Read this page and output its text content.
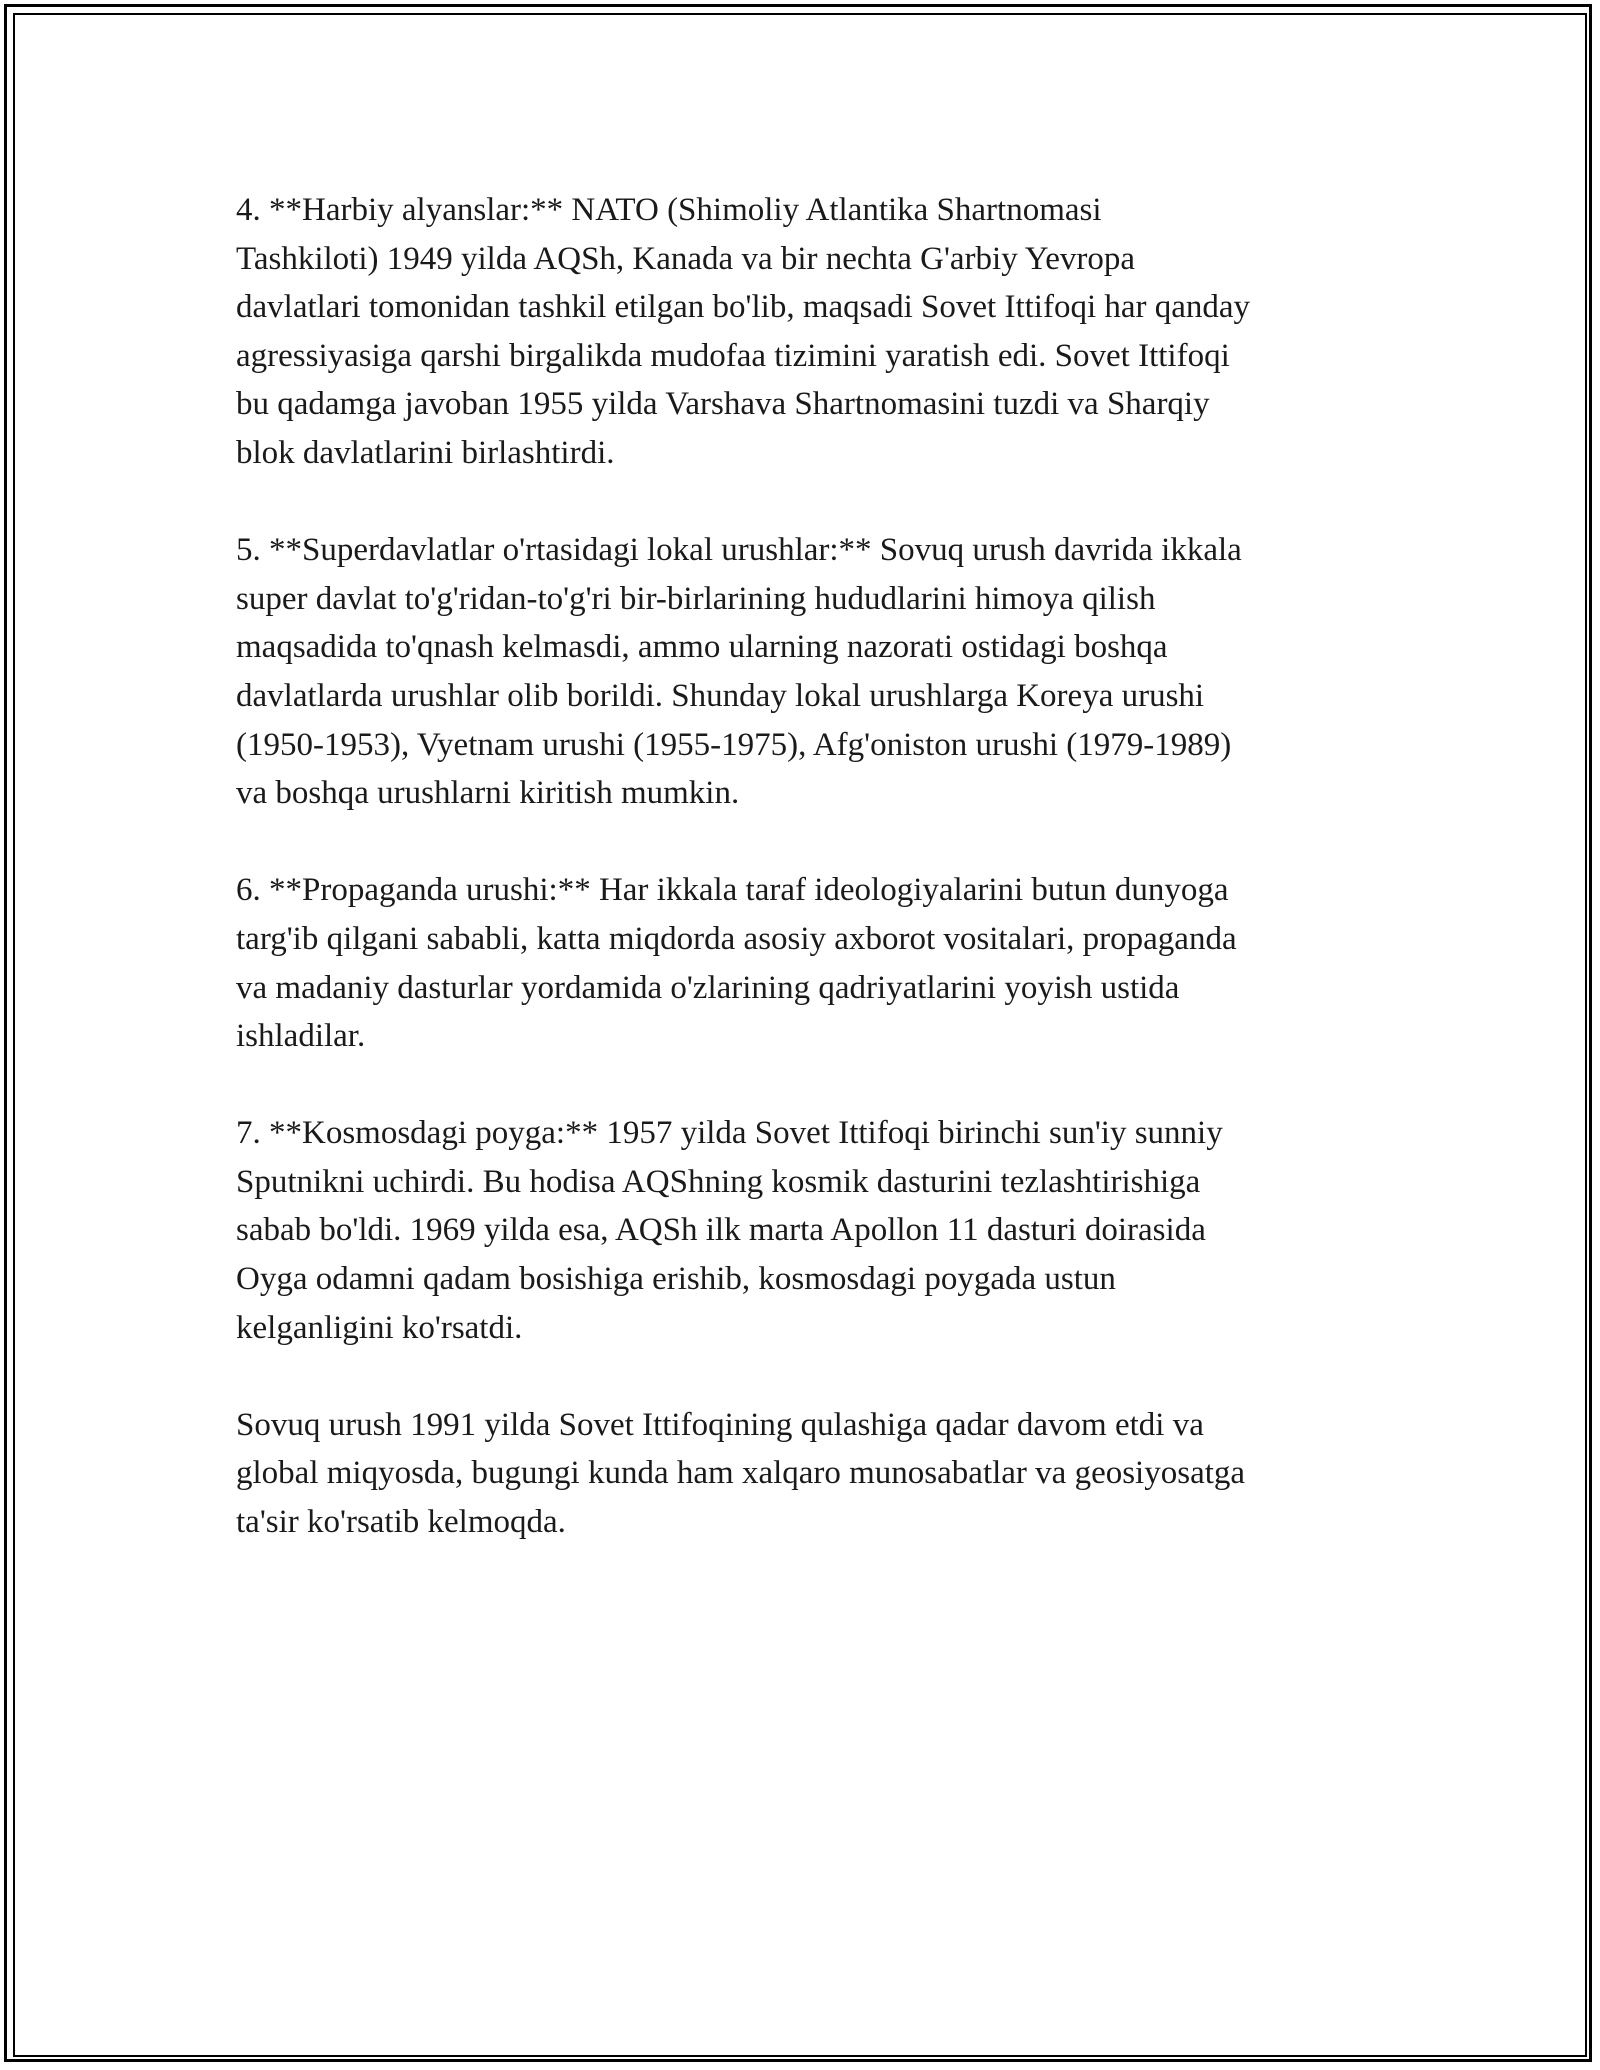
4. **Harbiy alyanslar:** NATO (Shimoliy Atlantika Shartnomasi
Tashkiloti) 1949 yilda AQSh, Kanada va bir nechta G'arbiy Yevropa
davlatlari tomonidan tashkil etilgan bo'lib, maqsadi Sovet Ittifoqi har qanday
agressiyasiga qarshi birgalikda mudofaa tizimini yaratish edi. Sovet Ittifoqi
bu qadamga javoban 1955 yilda Varshava Shartnomasini tuzdi va Sharqiy
blok davlatlarini birlashtirdi.

5. **Superdavlatlar o'rtasidagi lokal urushlar:** Sovuq urush davrida ikkala
super davlat to'g'ridan-to'g'ri bir-birlarining hududlarini himoya qilish
maqsadida to'qnash kelmasdi, ammo ularning nazorati ostidagi boshqa
davlatlarda urushlar olib borildi. Shunday lokal urushlarga Koreya urushi
(1950-1953), Vyetnam urushi (1955-1975), Afg'oniston urushi (1979-1989)
va boshqa urushlarni kiritish mumkin.

6. **Propaganda urushi:** Har ikkala taraf ideologiyalarini butun dunyoga
targ'ib qilgani sababli, katta miqdorda asosiy axborot vositalari, propaganda
va madaniy dasturlar yordamida o'zlarining qadriyatlarini yoyish ustida
ishladilar.

7. **Kosmosdagi poyga:** 1957 yilda Sovet Ittifoqi birinchi sun'iy sunniy
Sputnikni uchirdi. Bu hodisa AQShning kosmik dasturini tezlashtirishiga
sabab bo'ldi. 1969 yilda esa, AQSh ilk marta Apollon 11 dasturi doirasida
Oyga odamni qadam bosishiga erishib, kosmosdagi poygada ustun
kelganligini ko'rsatdi.

Sovuq urush 1991 yilda Sovet Ittifoqining qulashiga qadar davom etdi va
global miqyosda, bugungi kunda ham xalqaro munosabatlar va geosiyosatga
ta'sir ko'rsatib kelmoqda.
